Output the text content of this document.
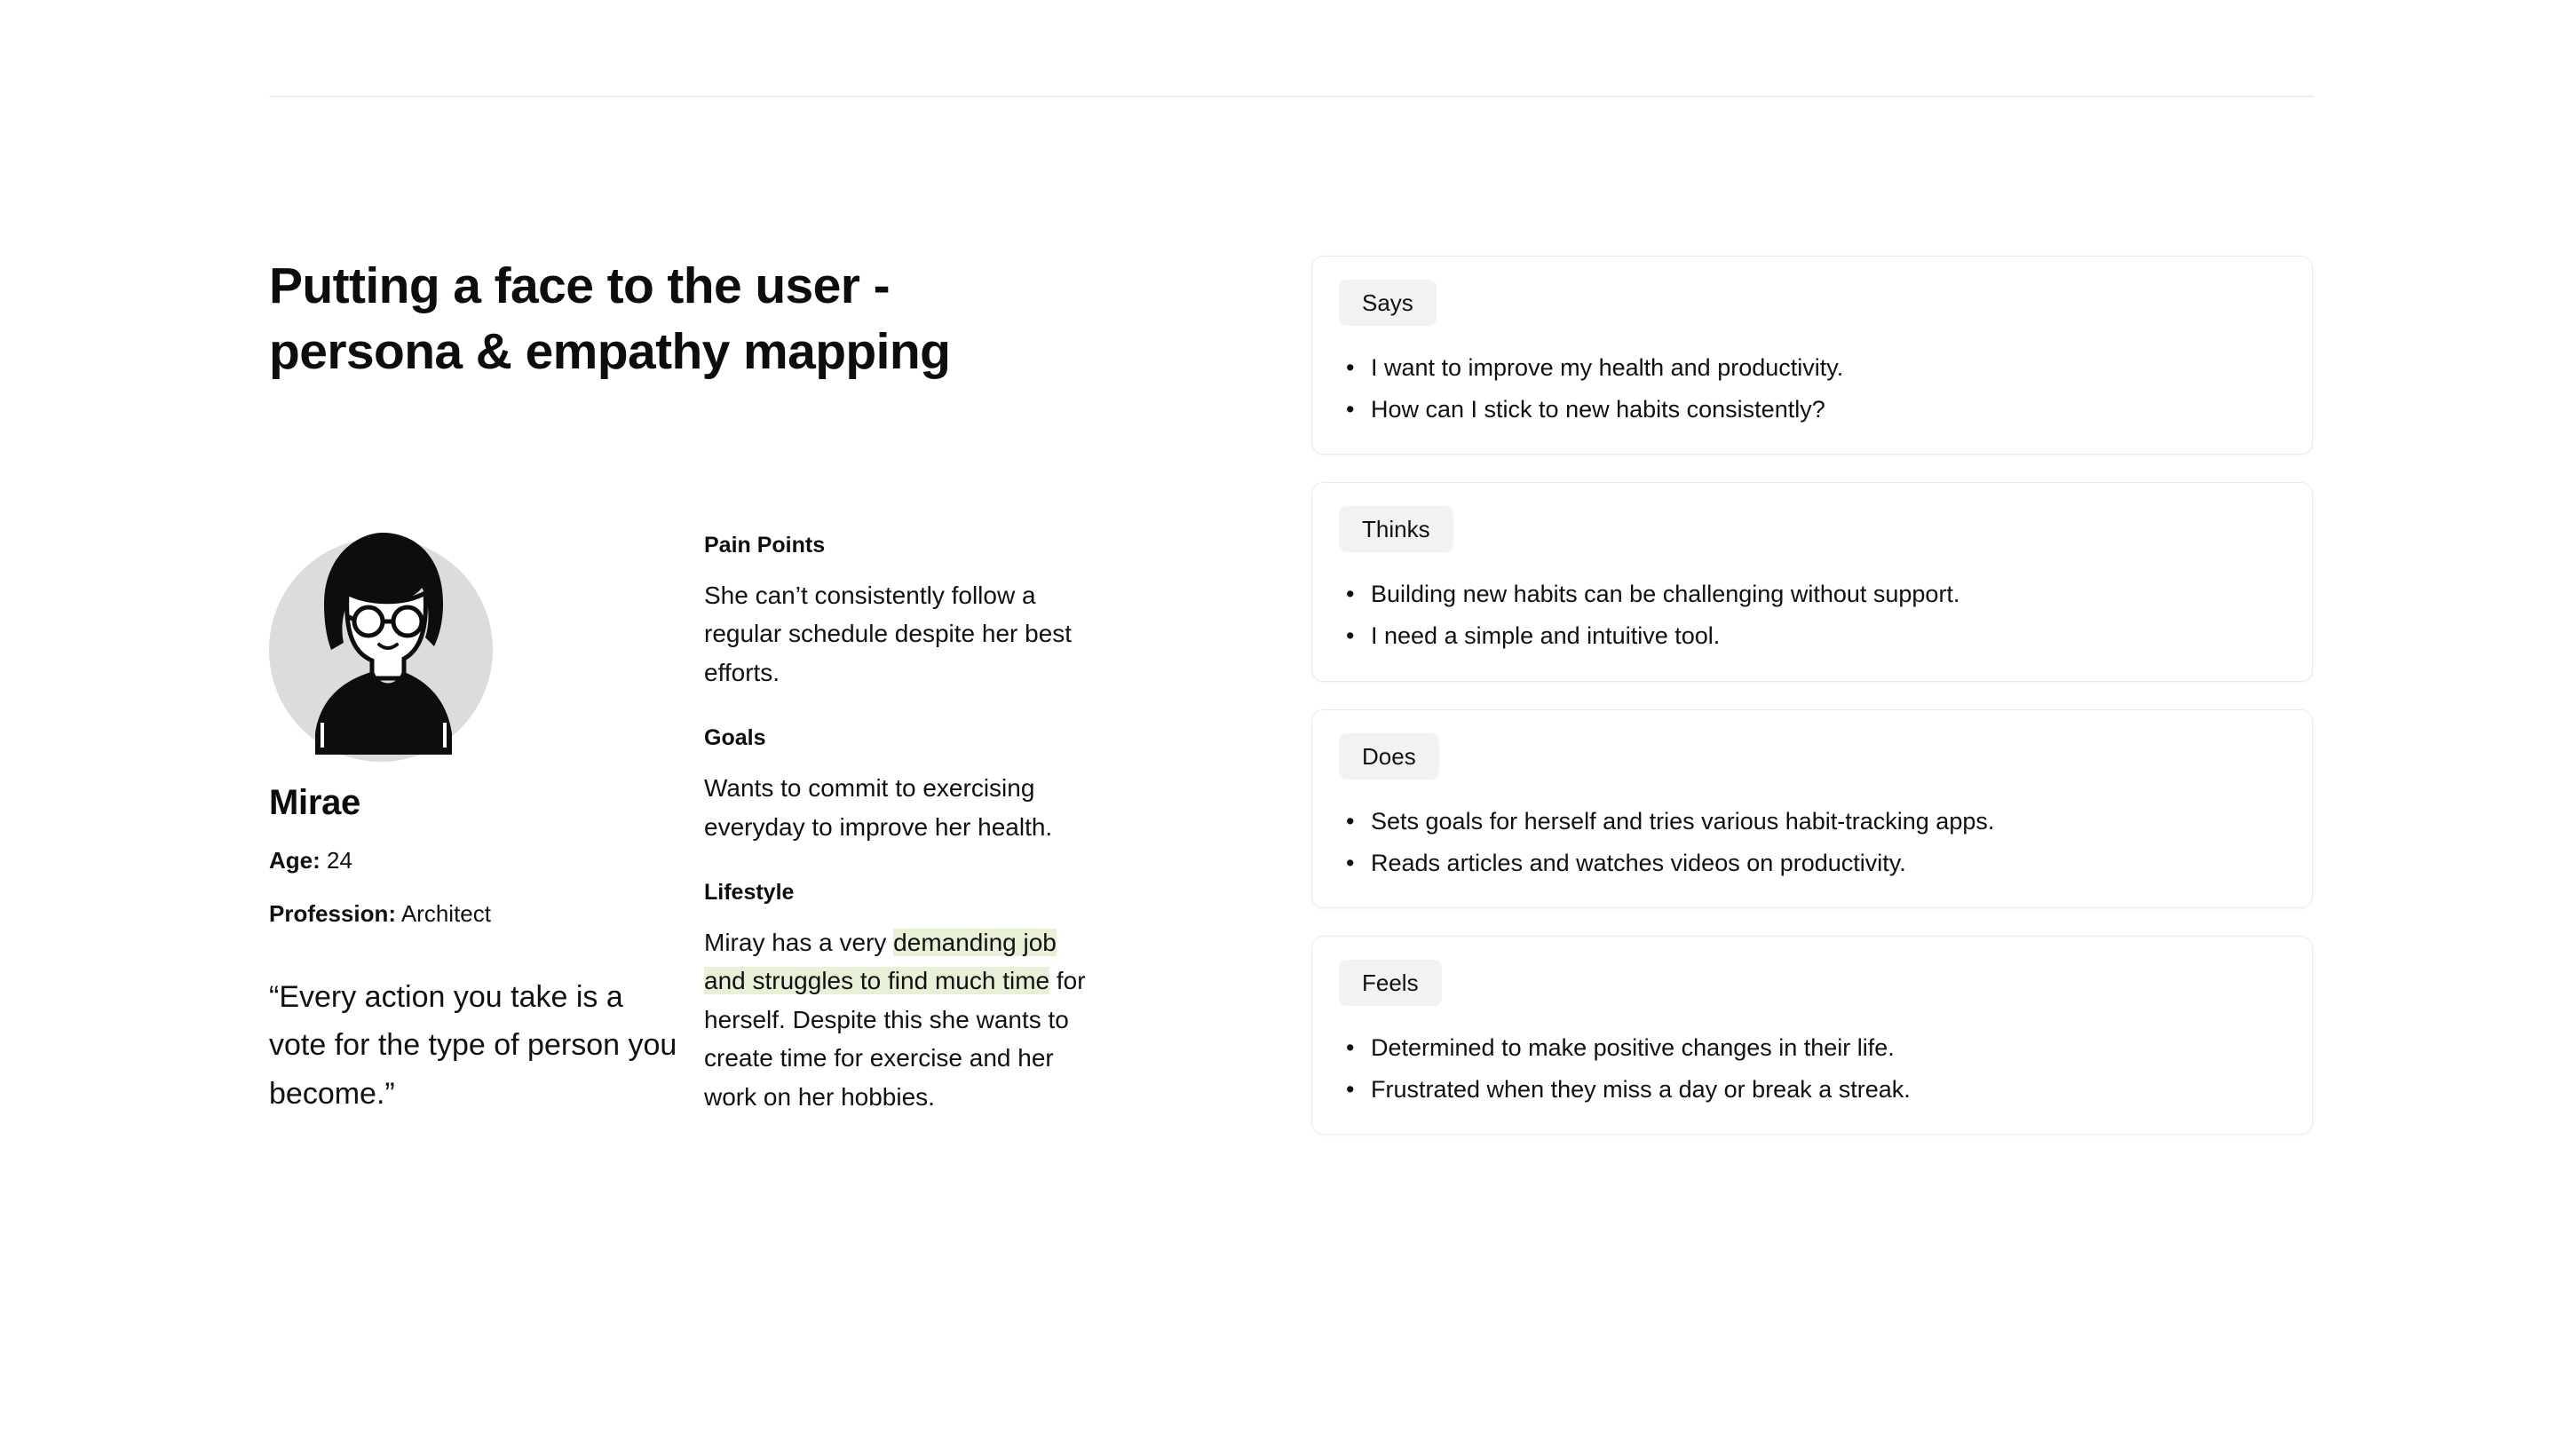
Putting a face to the user -
persona & empathy mapping
Mirae
Age: 24
Profession: Architect
“Every action you take is a vote for the type of person you become.”
Pain Points
She can’t consistently follow a regular schedule despite her best efforts.
Goals
Wants to commit to exercising everyday to improve her health.
Lifestyle
Miray has a very demanding job and struggles to find much time for herself. Despite this she wants to create time for exercise and her work on her hobbies.
Says
• I want to improve my health and productivity.
• How can I stick to new habits consistently?
Thinks
• Building new habits can be challenging without support.
• I need a simple and intuitive tool.
Does
• Sets goals for herself and tries various habit-tracking apps.
• Reads articles and watches videos on productivity.
Feels
• Determined to make positive changes in their life.
• Frustrated when they miss a day or break a streak.
